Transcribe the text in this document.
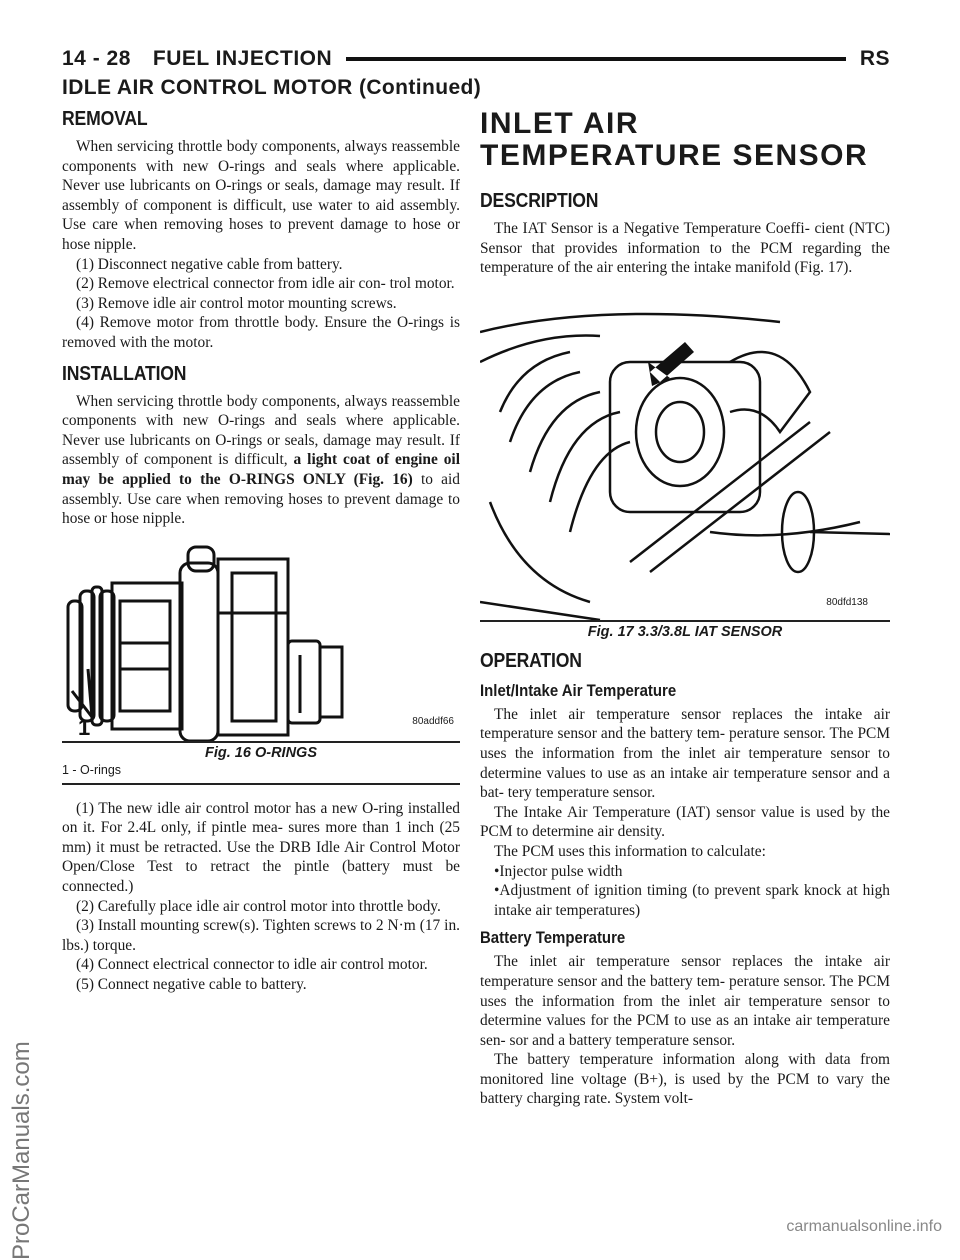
14 - 28 FUEL INJECTION	RS
IDLE AIR CONTROL MOTOR (Continued)
REMOVAL

When servicing throttle body components, always reassemble components with new O-rings and seals where applicable. Never use lubricants on O-rings or seals, damage may result. If assembly of component is difficult, use water to aid assembly. Use care when removing hoses to prevent damage to hose or hose nipple.

(1) Disconnect negative cable from battery.

(2) Remove electrical connector from idle air con- trol motor.

(3) Remove idle air control motor mounting screws.

(4) Remove motor from throttle body. Ensure the O-rings is removed with the motor.

INSTALLATION

When servicing throttle body components, always reassemble components with new O-rings and seals where applicable. Never use lubricants on O-rings or seals, damage may result. If assembly of component is difficult, a light coat of engine oil may be applied to the O-RINGS ONLY (Fig. 16) to aid assembly. Use care when removing hoses to prevent damage to hose or hose nipple.

1	80addf66
Fig. 16 O-RINGS
1 - O-rings

(1) The new idle air control motor has a new O-ring installed on it. For 2.4L only, if pintle mea- sures more than 1 inch (25 mm) it must be retracted. Use the DRB Idle Air Control Motor Open/Close Test to retract the pintle (battery must be connected.)

(2) Carefully place idle air control motor into throttle body.

(3) Install mounting screw(s). Tighten screws to 2 N·m (17 in. lbs.) torque.

(4) Connect electrical connector to idle air control motor.

(5) Connect negative cable to battery.

INLET AIR TEMPERATURE SENSOR
DESCRIPTION

The IAT Sensor is a Negative Temperature Coeffi- cient (NTC) Sensor that provides information to the PCM regarding the temperature of the air entering the intake manifold (Fig. 17).

80dfd138
Fig. 17 3.3/3.8L IAT SENSOR
OPERATION
Inlet/Intake Air Temperature

The inlet air temperature sensor replaces the intake air temperature sensor and the battery tem- perature sensor. The PCM uses the information from the inlet air temperature sensor to determine values to use as an intake air temperature sensor and a bat- tery temperature sensor.

The Intake Air Temperature (IAT) sensor value is used by the PCM to determine air density.

The PCM uses this information to calculate:

•Injector pulse width

•Adjustment of ignition timing (to prevent spark knock at high intake air temperatures)

Battery Temperature

The inlet air temperature sensor replaces the intake air temperature sensor and the battery tem- perature sensor. The PCM uses the information from the inlet air temperature sensor to determine values for the PCM to use as an intake air temperature sen- sor and a battery temperature sensor.

The battery temperature information along with data from monitored line voltage (B+), is used by the PCM to vary the battery charging rate. System volt-

ProCarManuals.com	carmanualsonline.info
